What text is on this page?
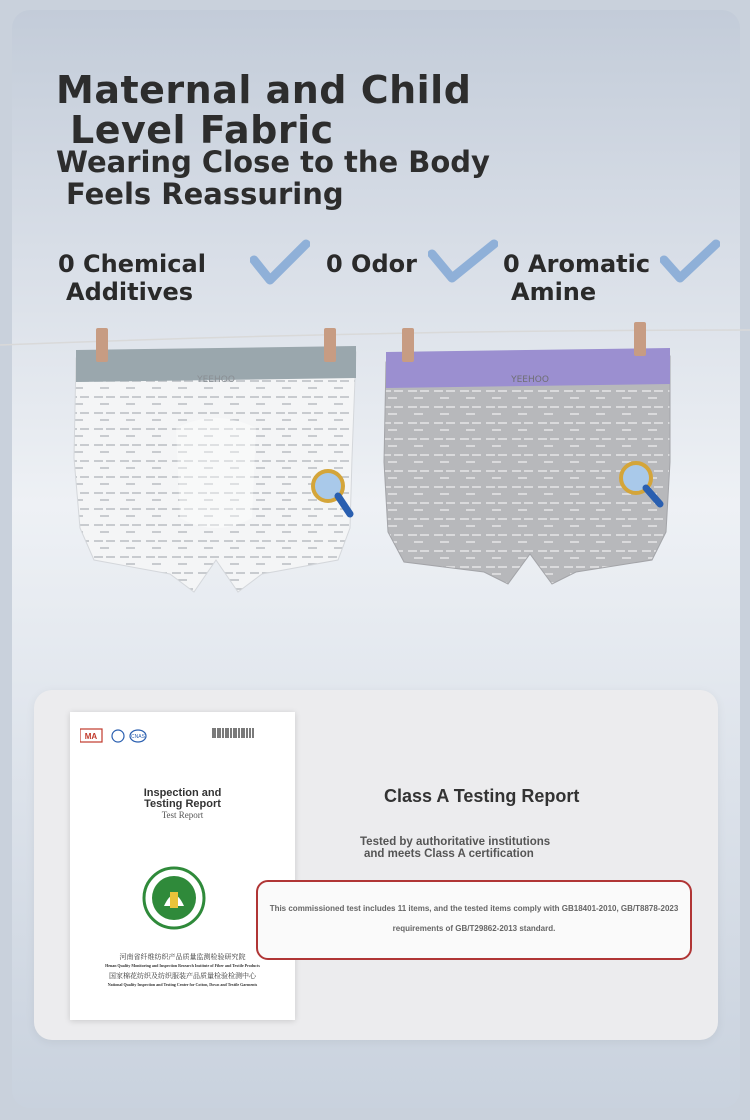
Maternal and Child
Level Fabric
Wearing Close to the Body
Feels Reassuring
0 Chemical
Additives
0 Odor	0 Aromatic
Amine
YEEHOO	YEEHOO
MA	CNAS
Inspection and
Testing Report
Test Report
河南省纤维纺织产品质量监测检验研究院
Henan Quality Monitoring and Inspection Research Institute of Fiber and Textile Products
国家棉花纺织及纺织服装产品质量检验检测中心
National Quality Inspection and Testing Center for Cotton, Down and Textile Garments
Class A Testing Report
Tested by authoritative institutions
and meets Class A certification
This commissioned test includes 11 items, and the tested items comply with GB18401-2010, GB/T8878-2023
requirements of GB/T29862-2013 standard.
